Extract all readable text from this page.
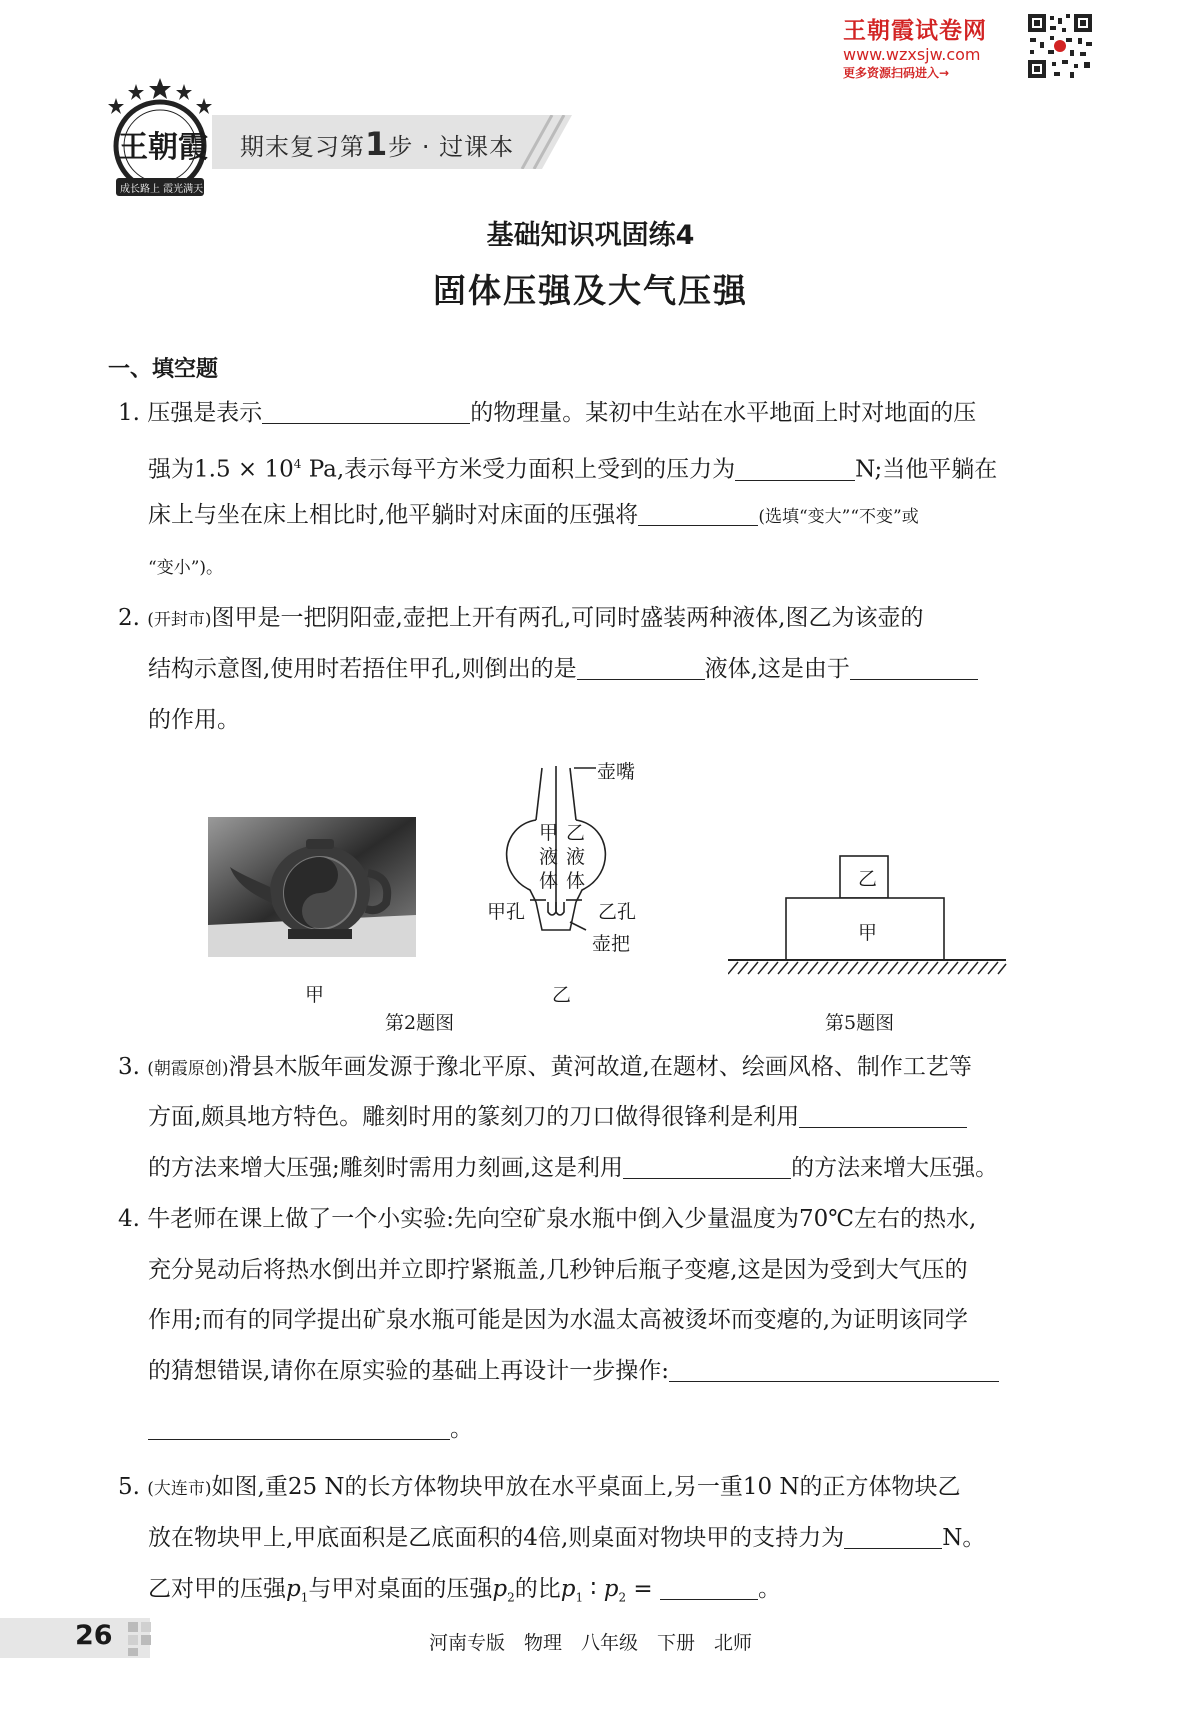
王朝霞
成长路上 霞光满天
期末复习第1步 · 过课本
王朝霞试卷网
www.wzxsjw.com
更多资源扫码进入→
基础知识巩固练4
固体压强及大气压强
一、填空题
1. 压强是表示	的物理量。某初中生站在水平地面上时对地面的压
强为$1.5 \times 10^4$ Pa,表示每平方米受力面积上受到的压力为	N;当他平躺在
床上与坐在床上相比时,他平躺时对床面的压强将	(选填“变大”“不变”或
“变小”)。
2. (开封市)图甲是一把阴阳壶,壶把上开有两孔,可同时盛装两种液体,图乙为该壶的
结构示意图,使用时若捂住甲孔,则倒出的是	液体,这是由于
的作用。
甲
壶嘴
甲
液
体
乙
液
体
甲孔	乙孔
壶把
乙
第2题图
乙
甲
第5题图
3. (朝霞原创)滑县木版年画发源于豫北平原、黄河故道,在题材、绘画风格、制作工艺等
方面,颇具地方特色。雕刻时用的篆刻刀的刀口做得很锋利是利用
的方法来增大压强;雕刻时需用力刻画,这是利用	的方法来增大压强。
4. 牛老师在课上做了一个小实验:先向空矿泉水瓶中倒入少量温度为70℃左右的热水,
充分晃动后将热水倒出并立即拧紧瓶盖,几秒钟后瓶子变瘪,这是因为受到大气压的
作用;而有的同学提出矿泉水瓶可能是因为水温太高被烫坏而变瘪的,为证明该同学
的猜想错误,请你在原实验的基础上再设计一步操作:
。
5. (大连市)如图,重25 N的长方体物块甲放在水平桌面上,另一重10 N的正方体物块乙
放在物块甲上,甲底面积是乙底面积的4倍,则桌面对物块甲的支持力为	N。
乙对甲的压强$p_1$与甲对桌面的压强$p_2$的比$p_1$ ∶ $p_2$ =	。
26	河南专版　物理　八年级　下册　北师
